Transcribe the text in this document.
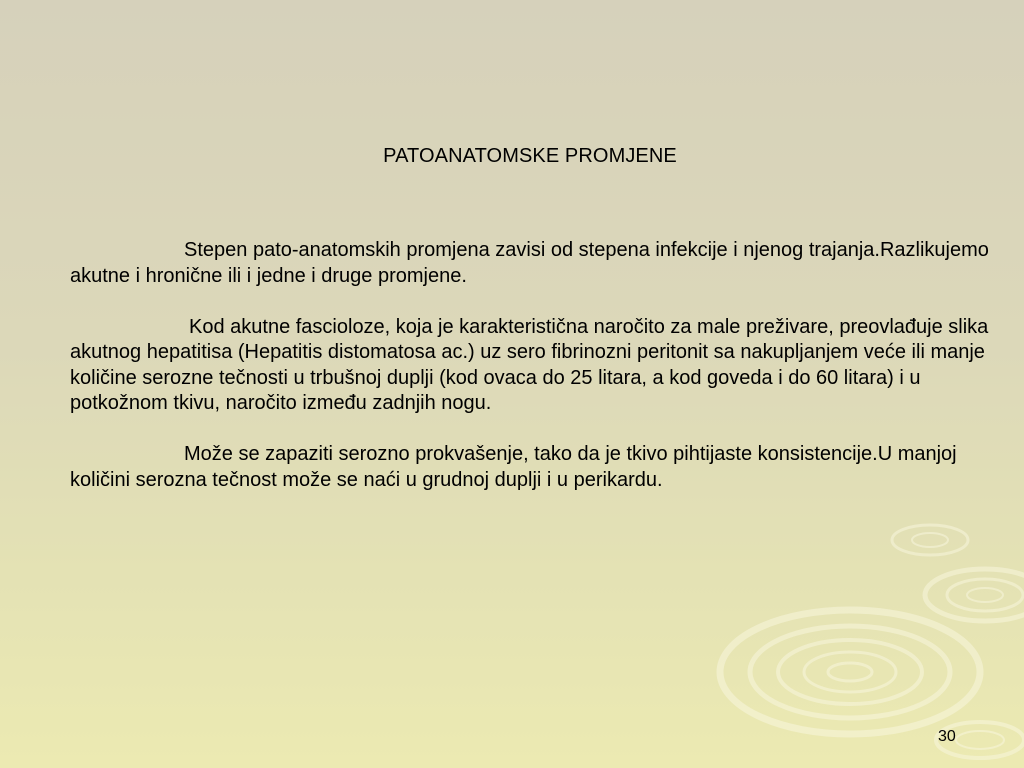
PATOANATOMSKE PROMJENE

Stepen pato-anatomskih promjena zavisi od stepena infekcije i njenog trajanja.Razlikujemo akutne i hronične ili i jedne i druge promjene.

Kod akutne fascioloze, koja je karakteristična naročito za male preživare, preovlađuje slika akutnog hepatitisa (Hepatitis distomatosa ac.) uz sero fibrinozni peritonit sa nakupljanjem veće ili manje količine serozne tečnosti u trbušnoj duplji (kod ovaca do 25 litara, a kod goveda i do 60 litara) i u potkožnom tkivu, naročito između zadnjih nogu.

Može se zapaziti serozno prokvašenje, tako da je tkivo pihtijaste konsistencije.U manjoj količini serozna tečnost može se naći u grudnoj duplji i u perikardu.

30
